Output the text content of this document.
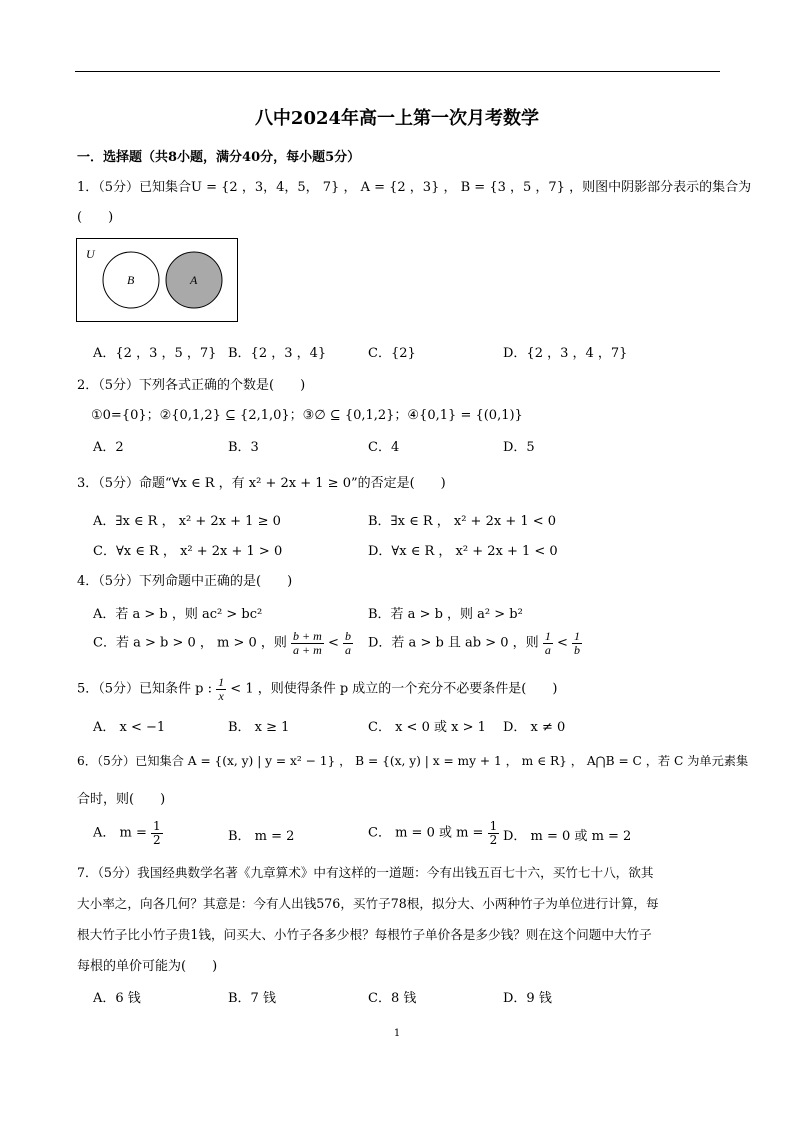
八中2024年高一上第一次月考数学
一．选择题（共8小题，满分40分，每小题5分）
1．（5分）已知集合U = {2 ，3，4，5， 7} ， A = {2 ，3} ， B = {3 ，5 ，7} ，则图中阴影部分表示的集合为
(　　)
U
B	A
A．{2 ，3 ，5 ，7} B．{2 ，3 ，4}	C．{2}	D．{2 ，3 ，4 ，7}
2．（5分）下列各式正确的个数是(　　)
①0={0}；②{0,1,2} ⊆ {2,1,0}；③∅ ⊆ {0,1,2}；④{0,1} = {(0,1)}
A．2	B．3	C．4	D．5
3．（5分）命题“∀x ∈ R ，有 x² + 2x + 1 ≥ 0”的否定是(　　)
A．∃x ∈ R ， x² + 2x + 1 ≥ 0	B．∃x ∈ R ， x² + 2x + 1 < 0
C．∀x ∈ R ， x² + 2x + 1 > 0	D．∀x ∈ R ， x² + 2x + 1 < 0
4．（5分）下列命题中正确的是(　　)
A．若 a > b ，则 ac² > bc²	B．若 a > b ，则 a² > b²
C．若 a > b > 0 ， m > 0 ，则 $\frac{b + m}{a + m} < \frac{b}{a}$ D．若 a > b 且 ab > 0 ，则 $\frac{1}{a} < \frac{1}{b}$
5．（5分）已知条件 p : $\frac{1}{x} < 1$ ，则使得条件 p 成立的一个充分不必要条件是(　　)
A． x < −1	B． x ≥ 1	C． x < 0 或 x > 1 D． x ≠ 0
6．（5分）已知集合 A = {(x, y) | y = x² − 1} ， B = {(x, y) | x = my + 1 ， m ∈ R} ， A⋂B = C ，若 C 为单元素集
合时，则(　　)
A． $m = \frac{1}{2}$	B． m = 2	C． m = 0 或 $m = \frac{1}{2}$ D． m = 0 或 m = 2
7．（5分）我国经典数学名著《九章算术》中有这样的一道题：今有出钱五百七十六，买竹七十八，欲其
大小率之，向各几何？其意是：今有人出钱576，买竹子78根，拟分大、小两种竹子为单位进行计算，每
根大竹子比小竹子贵1钱，问买大、小竹子各多少根？每根竹子单价各是多少钱？则在这个问题中大竹子
每根的单价可能为(　　)
A．6 钱	B．7 钱	C．8 钱	D．9 钱
1
